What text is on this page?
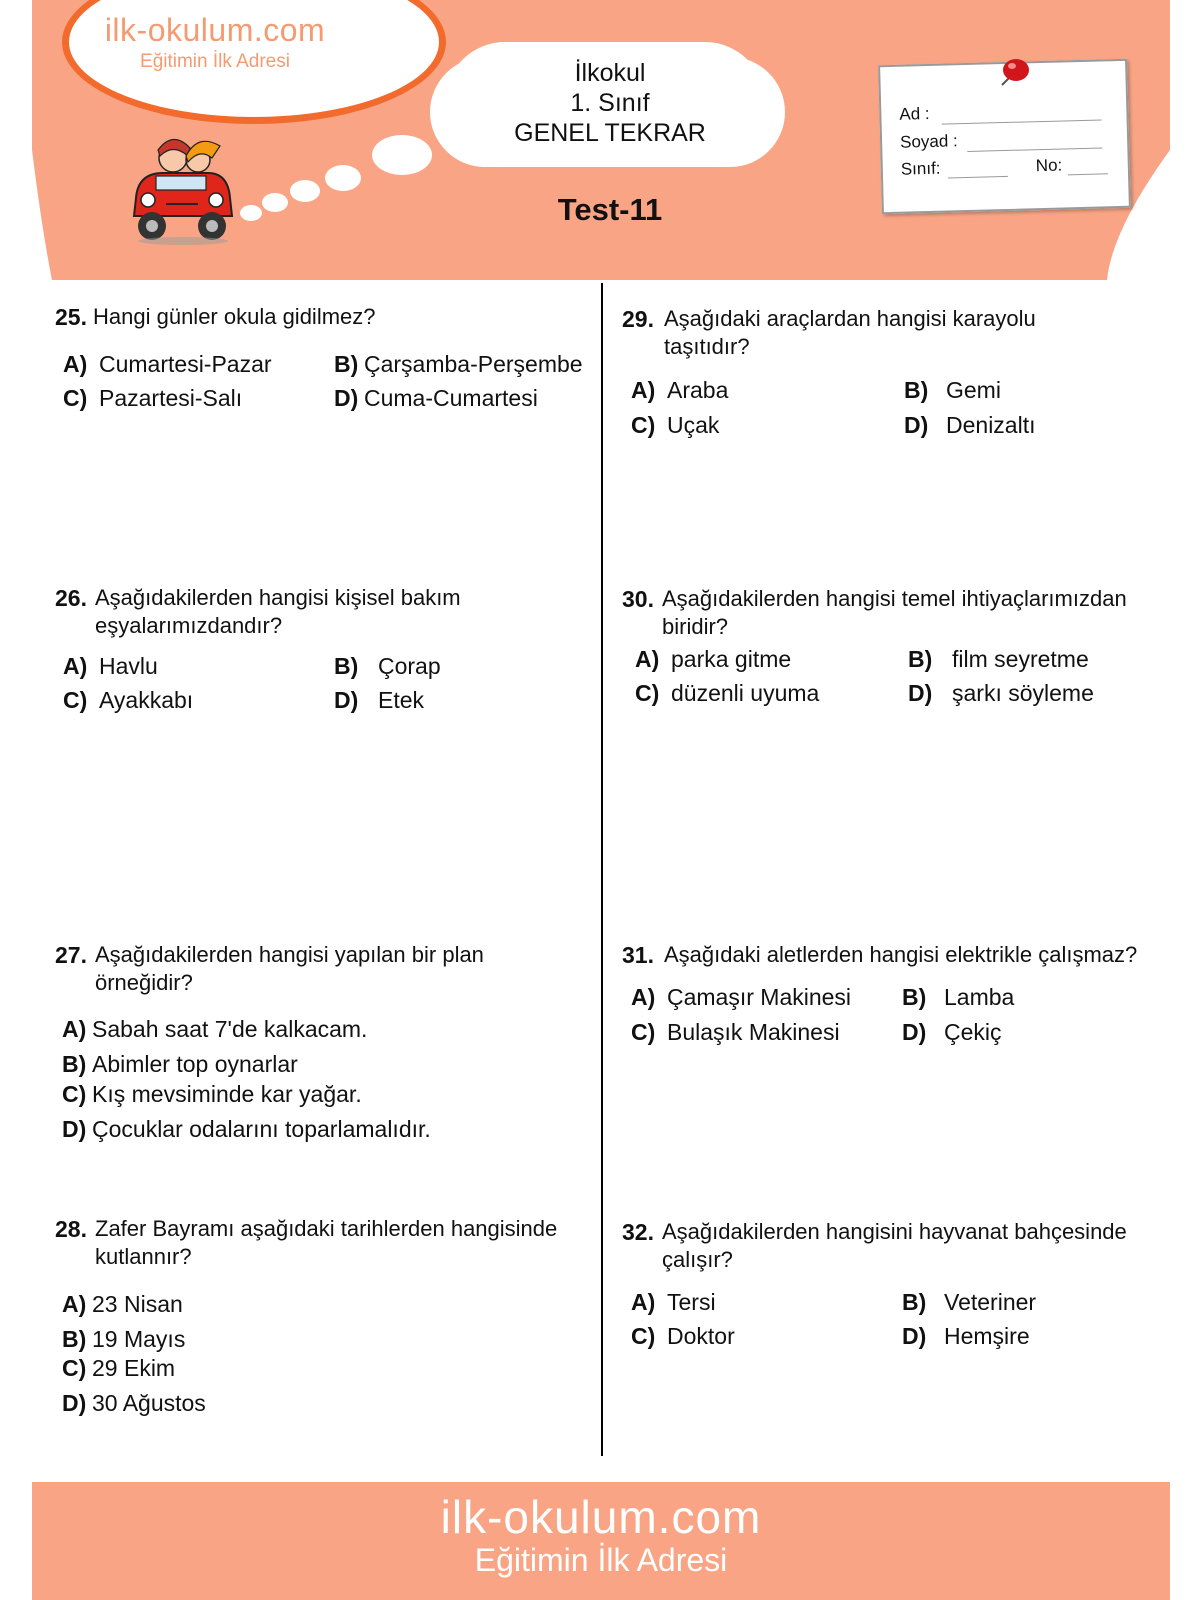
ilk-okulum.com
Eğitimin İlk Adresi	İlkokul
1. Sınıf
GENEL TEKRAR
Test-11
Ad :
Soyad :
Sınıf:	No:
25. Hangi günler okula gidilmez?
A) Cumartesi-Pazar	B) Çarşamba-Perşembe
C) Pazartesi-Salı	D) Cuma-Cumartesi
26. Aşağıdakilerden hangisi kişisel bakım eşyalarımızdandır?
A) Havlu	B) Çorap
C) Ayakkabı	D) Etek
27. Aşağıdakilerden hangisi yapılan bir plan örneğidir?
A) Sabah saat 7'de kalkacam.
B) Abimler top oynarlar
C) Kış mevsiminde kar yağar.
D) Çocuklar odalarını toparlamalıdır.
28. Zafer Bayramı aşağıdaki tarihlerden hangisinde kutlannır?
A) 23 Nisan
B) 19 Mayıs
C) 29 Ekim
D) 30 Ağustos
29. Aşağıdaki araçlardan hangisi karayolu taşıtıdır?
A) Araba	B) Gemi
C) Uçak	D) Denizaltı
30. Aşağıdakilerden hangisi temel ihtiyaçlarımızdan biridir?
A) parka gitme	B) film seyretme
C) düzenli uyuma	D) şarkı söyleme
31. Aşağıdaki aletlerden hangisi elektrikle çalışmaz?
A) Çamaşır Makinesi B) Lamba
C) Bulaşık Makinesi	D) Çekiç
32. Aşağıdakilerden hangisini hayvanat bahçesinde çalışır?
A) Tersi	B) Veteriner
C) Doktor	D) Hemşire
ilk-okulum.com
Eğitimin İlk Adresi
